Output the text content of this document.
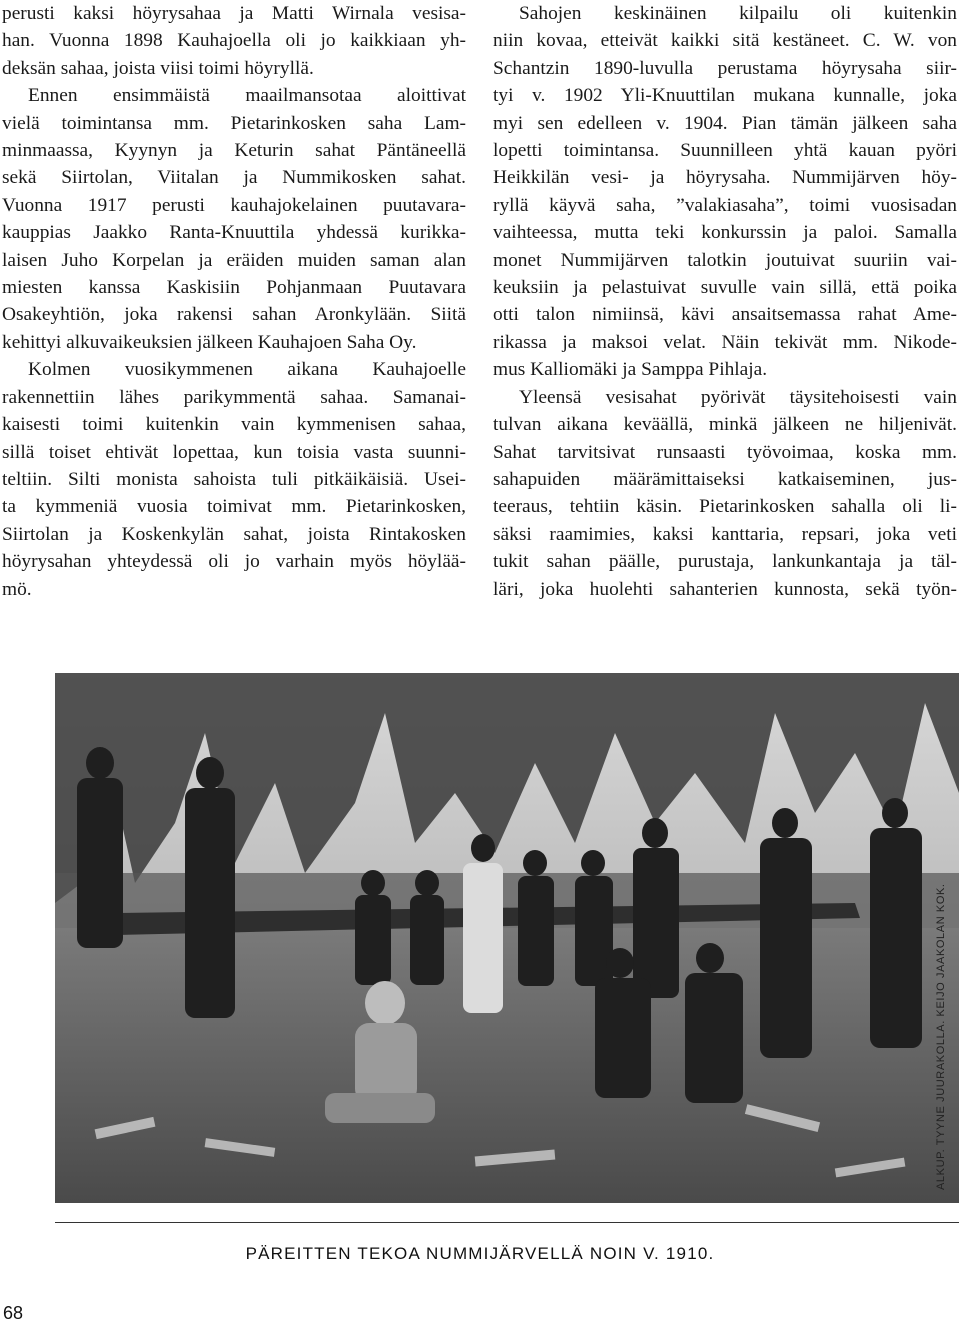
perusti kaksi höyrysahaa ja Matti Wirnala vesisa-
han. Vuonna 1898 Kauhajoella oli jo kaikkiaan yh-
deksän sahaa, joista viisi toimi höyryllä.
Ennen ensimmäistä maailmansotaa aloittivat
vielä toimintansa mm. Pietarinkosken saha Lam-
minmaassa, Kyynyn ja Keturin sahat Päntäneellä
sekä Siirtolan, Viitalan ja Nummikosken sahat.
Vuonna 1917 perusti kauhajokelainen puutavara-
kauppias Jaakko Ranta-Knuuttila yhdessä kurikka-
laisen Juho Korpelan ja eräiden muiden saman alan
miesten kanssa Kaskisiin Pohjanmaan Puutavara
Osakeyhtiön, joka rakensi sahan Aronkylään. Siitä
kehittyi alkuvaikeuksien jälkeen Kauhajoen Saha Oy.
Kolmen vuosikymmenen aikana Kauhajoelle
rakennettiin lähes parikymmentä sahaa. Samanai-
kaisesti toimi kuitenkin vain kymmenisen sahaa,
sillä toiset ehtivät lopettaa, kun toisia vasta suunni-
teltiin. Silti monista sahoista tuli pitkäikäisiä. Usei-
ta kymmeniä vuosia toimivat mm. Pietarinkosken,
Siirtolan ja Koskenkylän sahat, joista Rintakosken
höyrysahan yhteydessä oli jo varhain myös höylää-
mö.
Sahojen keskinäinen kilpailu oli kuitenkin
niin kovaa, etteivät kaikki sitä kestäneet. C. W. von
Schantzin 1890-luvulla perustama höyrysaha siir-
tyi v. 1902 Yli-Knuuttilan mukana kunnalle, joka
myi sen edelleen v. 1904. Pian tämän jälkeen saha
lopetti toimintansa. Suunnilleen yhtä kauan pyöri
Heikkilän vesi- ja höyrysaha. Nummijärven höy-
ryllä käyvä saha, ”valakiasaha”, toimi vuosisadan
vaihteessa, mutta teki konkurssin ja paloi. Samalla
monet Nummijärven talotkin joutuivat suuriin vai-
keuksiin ja pelastuivat suvulle vain sillä, että poika
otti talon nimiinsä, kävi ansaitsemassa rahat Ame-
rikassa ja maksoi velat. Näin tekivät mm. Nikode-
mus Kalliomäki ja Samppa Pihlaja.
Yleensä vesisahat pyörivät täysitehoisesti vain
tulvan aikana keväällä, minkä jälkeen ne hiljenivät.
Sahat tarvitsivat runsaasti työvoimaa, koska mm.
sahapuiden määrämittaiseksi katkaiseminen, jus-
teeraus, tehtiin käsin. Pietarinkosken sahalla oli li-
säksi raamimies, kaksi kanttaria, repsari, joka veti
tukit sahan päälle, purustaja, lankunkantaja ja täl-
läri, joka huolehti sahanterien kunnosta, sekä työn-
ALKUP. TYYNE JUURAKOLLA. KEIJO JAAKOLAN KOK.
PÄREITTEN TEKOA NUMMIJÄRVELLÄ NOIN V. 1910.
68
